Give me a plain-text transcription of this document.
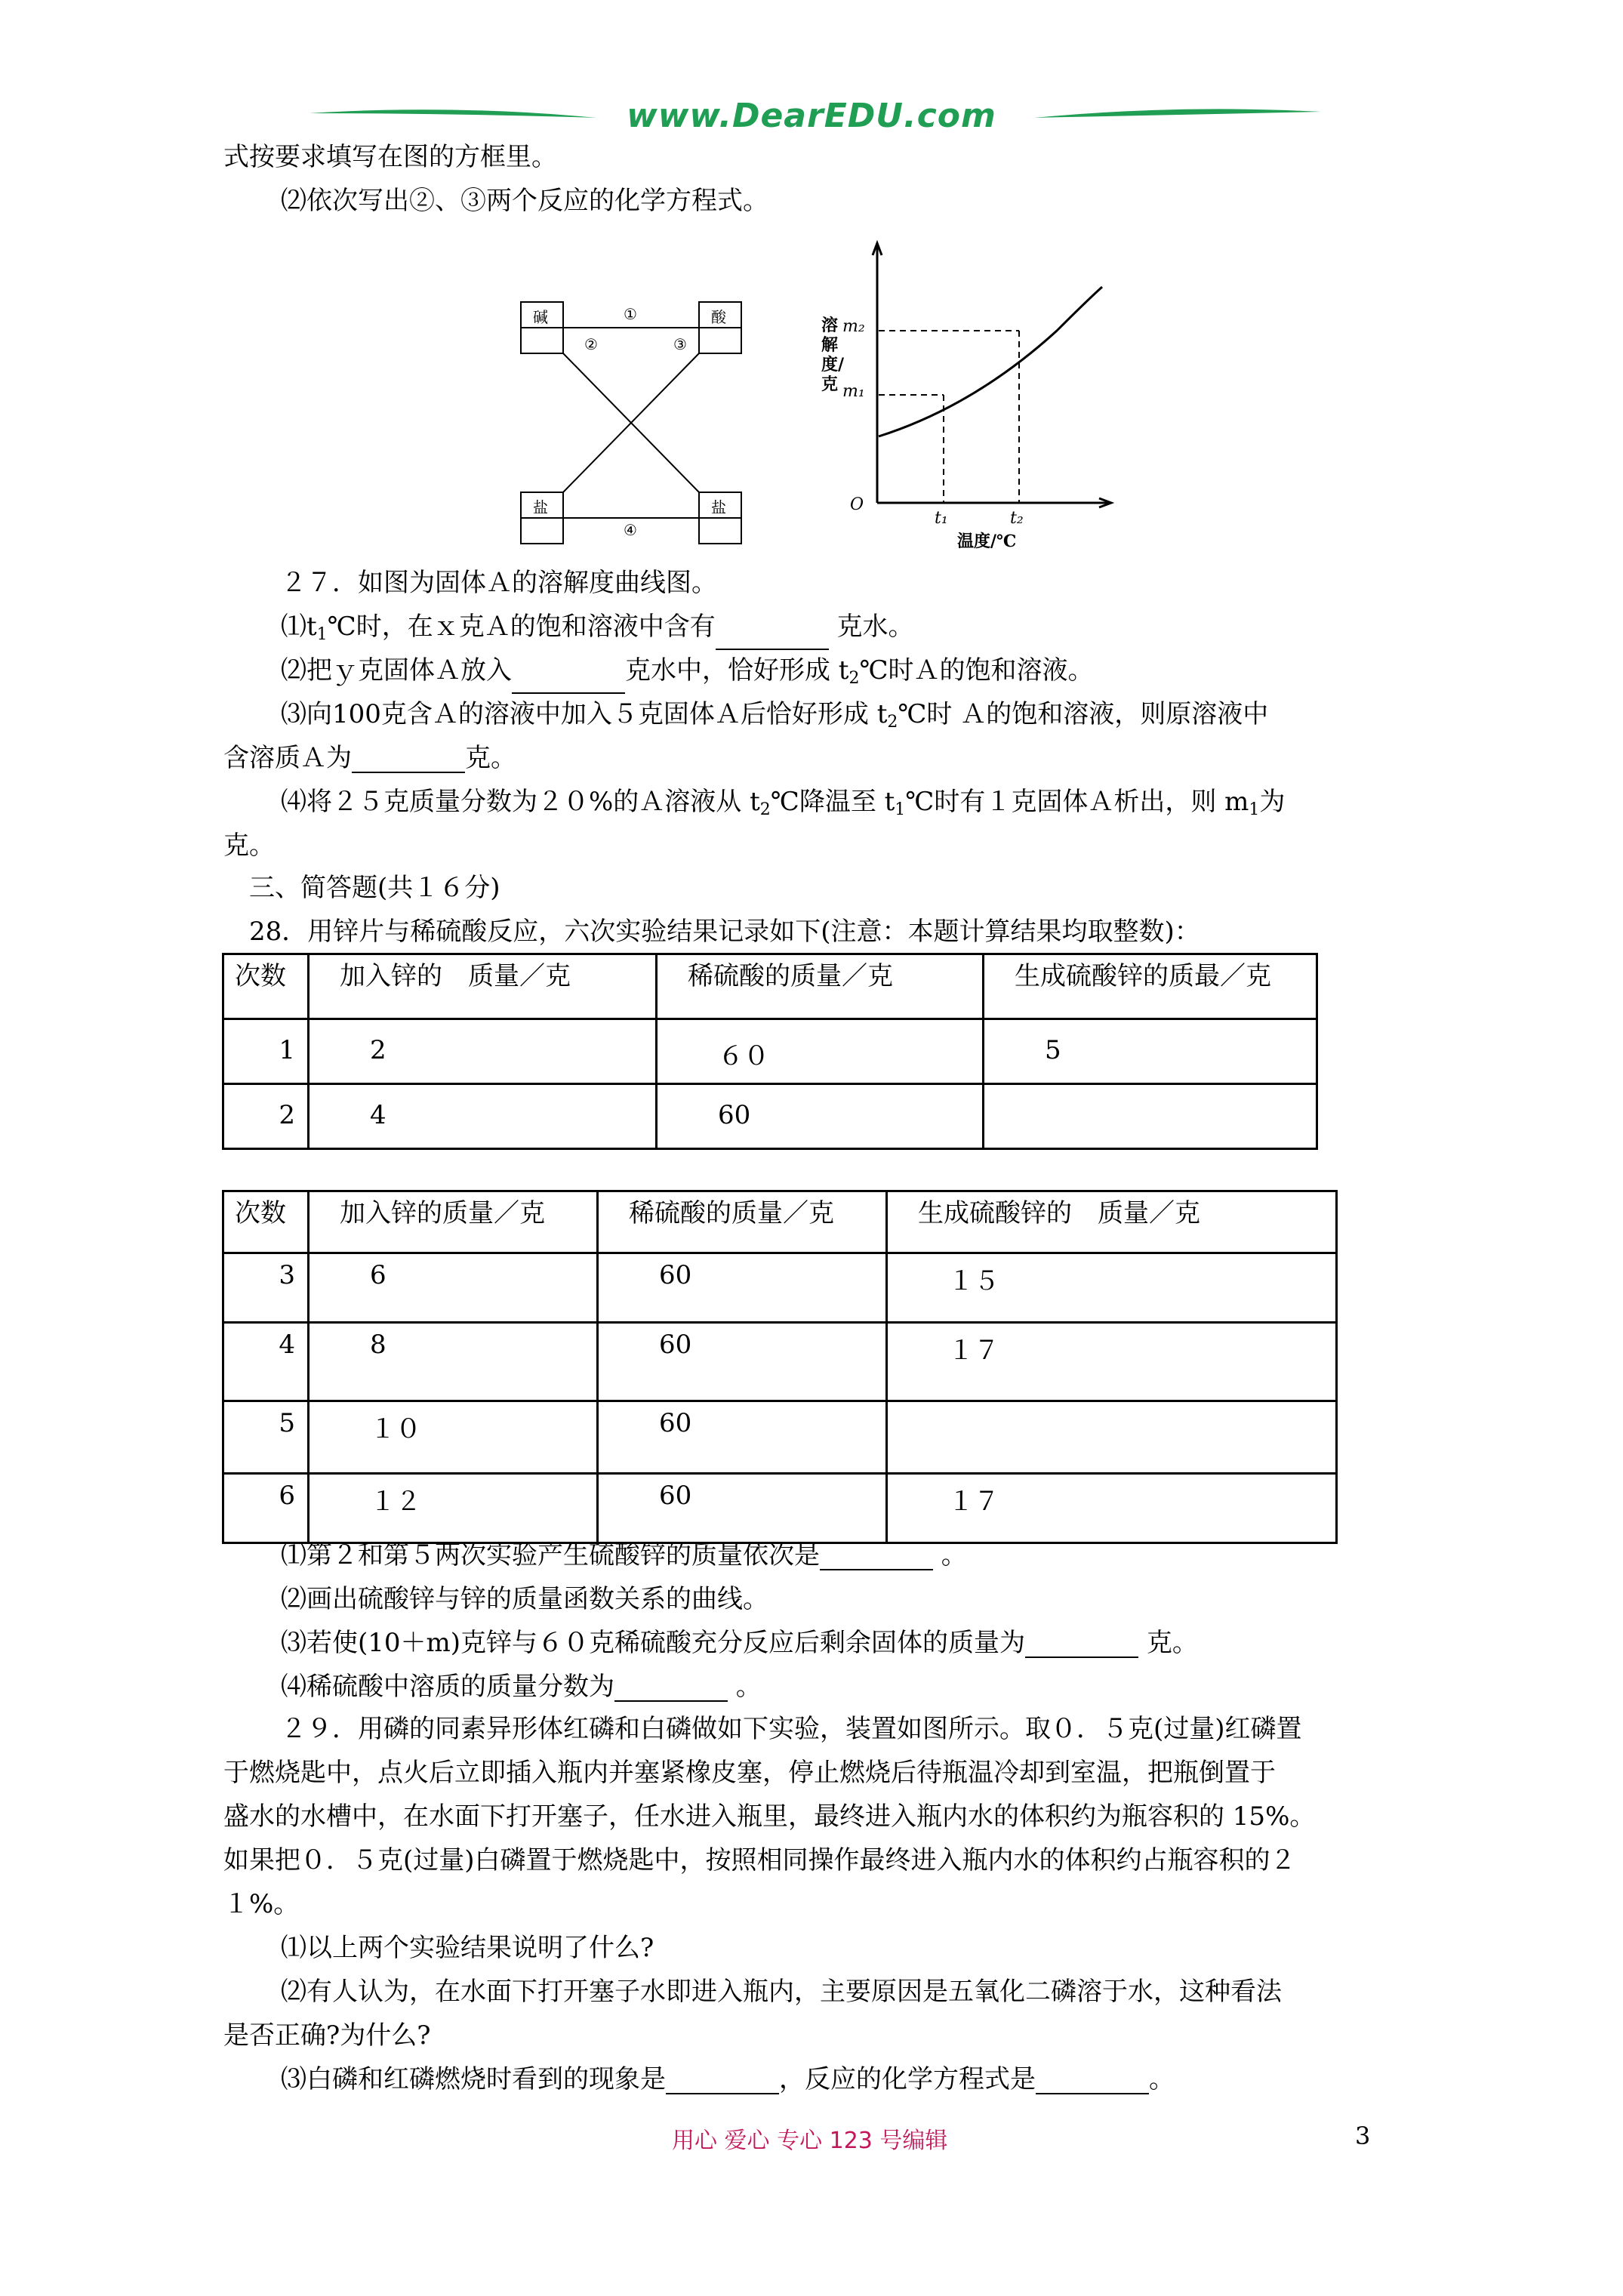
www.DearEDU.com
式按要求填写在图的方框里。
⑵依次写出②、③两个反应的化学方程式。
碱	酸
盐	盐
①
②	③
④
m₂
m₁
O
t₁	t₂
温度/℃
溶解度/克
２７．如图为固体Ａ的溶解度曲线图。
$⑴t_1℃$时，在ｘ克Ａ的饱和溶液中含有	克水。
⑵把ｙ克固体Ａ放入	克水中，恰好形成 $t_2℃$时Ａ的饱和溶液。
⑶向100克含Ａ的溶液中加入５克固体Ａ后恰好形成 $t_2℃$时 Ａ的饱和溶液，则原溶液中
含溶质Ａ为	克。
⑷将２５克质量分数为２０%的Ａ溶液从 $t_2℃$降温至 $t_1℃$时有１克固体Ａ析出，则 $m_1$为
克。
三、简答题(共１６分)
28．用锌片与稀硫酸反应，六次实验结果记录如下(注意：本题计算结果均取整数)：
次数	加入锌的　质量／克	稀硫酸的质量／克	生成硫酸锌的质最／克
1	2	６０	5
2	4	60	
次数	加入锌的质量／克	稀硫酸的质量／克	生成硫酸锌的　质量／克
3	6	60	１５
4	8	60	１７
5	１０	60	
6	１２	60	１７
⑴第２和第５两次实验产生硫酸锌的质量依次是	。
⑵画出硫酸锌与锌的质量函数关系的曲线。
⑶若使(10＋m)克锌与６０克稀硫酸充分反应后剩余固体的质量为	克。
⑷稀硫酸中溶质的质量分数为	。
２９．用磷的同素异形体红磷和白磷做如下实验，装置如图所示。取０．５克(过量)红磷置
于燃烧匙中，点火后立即插入瓶内并塞紧橡皮塞，停止燃烧后待瓶温冷却到室温，把瓶倒置于
盛水的水槽中，在水面下打开塞子，任水进入瓶里，最终进入瓶内水的体积约为瓶容积的 15%。
如果把０．５克(过量)白磷置于燃烧匙中，按照相同操作最终进入瓶内水的体积约占瓶容积的２
１%。
⑴以上两个实验结果说明了什么?
⑵有人认为，在水面下打开塞子水即进入瓶内，主要原因是五氧化二磷溶于水，这种看法
是否正确?为什么?
⑶白磷和红磷燃烧时看到的现象是	，反应的化学方程式是	。
用心 爱心 专心 123 号编辑	3
